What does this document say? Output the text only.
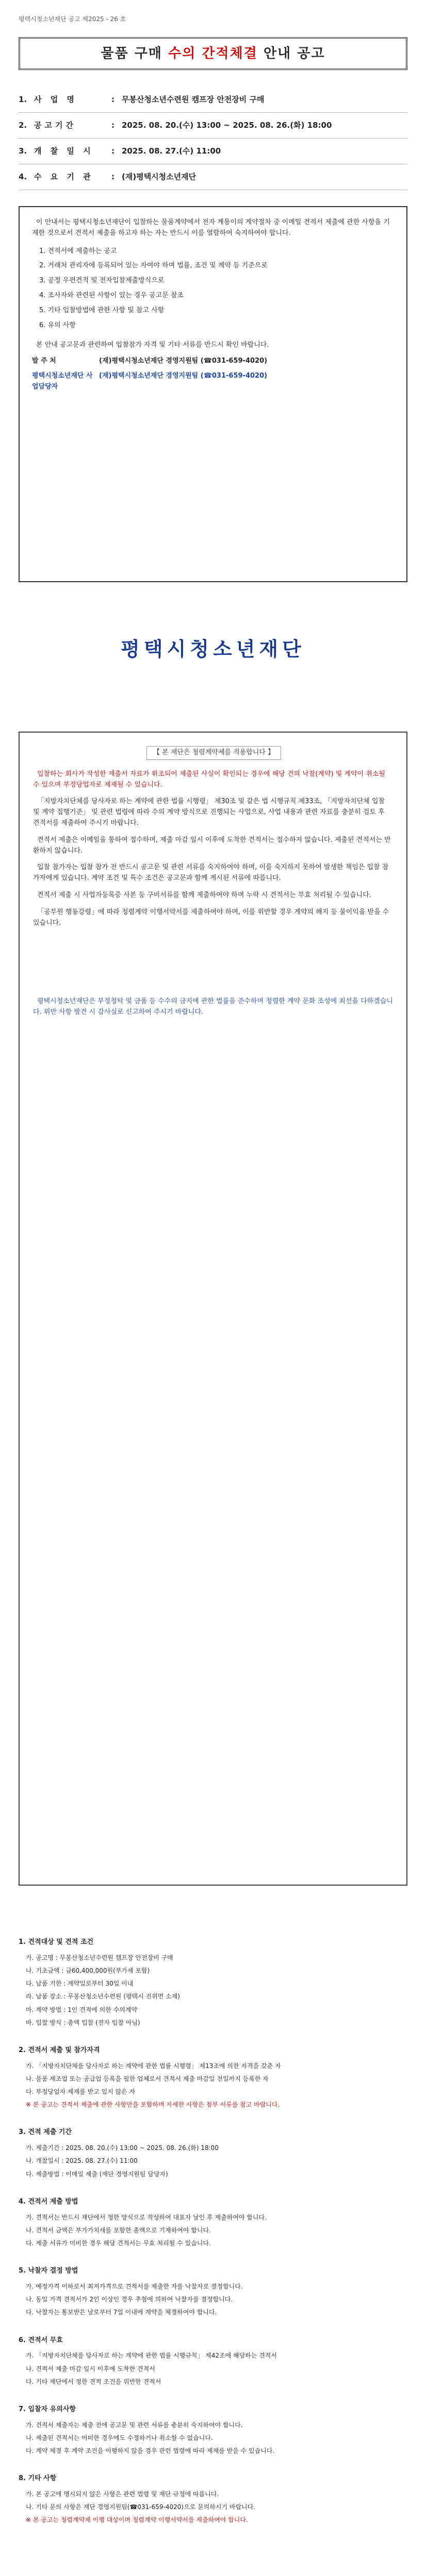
평택시청소년재단 공고 제2025 - 26 호
물품 구매 수의 간적체결 안내 공고
1.	사 업 명	:	무봉산청소년수련원 캠프장 안전장비 구매
2.	공고기간	:	2025. 08. 20.(수) 13:00 ~ 2025. 08. 26.(화) 18:00
3.	개 찰 일 시	:	2025. 08. 27.(수) 11:00
4.	수 요 기 관	:	(재)평택시청소년재단

이 안내서는 평택시청소년재단이 입찰하는 물품계약에서 전자 계통이의 계약절차 중 이메일 견적서 제출에 관한 사항을 기재한 것으로서 견적서 제출을 하고자 하는 자는 반드시 이를 열람하여 숙지하여야 합니다.

1. 견적서에 제출하는 공고
2. 거래처 관리자에 등록되어 있는 자여야 하며 법률, 조건 및 계약 등 기준으로
3. 공정 우편견적 및 전자입찰제출방식으로
4. 조사자와 관련된 사항이 있는 경우 공고문 참조
5. 기타 입찰방법에 관한 사항 및 참고 사항
6. 유의 사항

본 안내 공고문과 관련하여 입찰참가 자격 및 기타 서류를 반드시 확인 바랍니다.

발 주 처	(재)평택시청소년재단 경영지원팀 (☎031-659-4020)
평택시청소년재단 사업담당자
(재)평택시청소년재단 경영지원팀 (☎031-659-4020)
평택시청소년재단
【 본 재단은 청렴계약제를 적용합니다 】

입찰하는 회사가 작성한 제출서 자료가 위조되어 제출된 사실이 확인되는 경우에 해당 건의 낙찰(계약) 및 계약이 취소될 수 있으며 부정당업자로 제재될 수 있습니다.

「지방자치단체를 당사자로 하는 계약에 관한 법률 시행령」 제30조 및 같은 법 시행규칙 제33조, 「지방자치단체 입찰 및 계약 집행기준」 및 관련 법령에 따라 수의 계약 방식으로 진행되는 사업으로, 사업 내용과 관련 자료를 충분히 검토 후 견적서를 제출하여 주시기 바랍니다.

견적서 제출은 이메일을 통하여 접수하며, 제출 마감 일시 이후에 도착한 견적서는 접수하지 않습니다. 제출된 견적서는 반환하지 않습니다.

입찰 참가자는 입찰 참가 전 반드시 공고문 및 관련 서류를 숙지하여야 하며, 이를 숙지하지 못하여 발생한 책임은 입찰 참가자에게 있습니다. 계약 조건 및 특수 조건은 공고문과 함께 게시된 서류에 따릅니다.

견적서 제출 시 사업자등록증 사본 등 구비서류를 함께 제출하여야 하며 누락 시 견적서는 무효 처리될 수 있습니다.

「공무원 행동강령」에 따라 청렴계약 이행서약서를 제출하여야 하며, 이를 위반할 경우 계약의 해지 등 불이익을 받을 수 있습니다.

평택시청소년재단은 부정청탁 및 금품 등 수수의 금지에 관한 법률을 준수하며 청렴한 계약 문화 조성에 최선을 다하겠습니다. 위반 사항 발견 시 감사실로 신고하여 주시기 바랍니다.

1. 견적대상 및 견적 조건

가. 공고명 : 무봉산청소년수련원 캠프장 안전장비 구매

나. 기초금액 : 금60,400,000원(부가세 포함)

다. 납품 기한 : 계약일로부터 30일 이내

라. 납품 장소 : 무봉산청소년수련원 (평택시 진위면 소재)

마. 계약 방법 : 1인 견적에 의한 수의계약

바. 입찰 방식 : 총액 입찰 (전자 입찰 아님)

2. 견적서 제출 및 참가자격

가. 「지방자치단체를 당사자로 하는 계약에 관한 법률 시행령」 제13조에 의한 자격을 갖춘 자

나. 물품 제조업 또는 공급업 등록을 필한 업체로서 견적서 제출 마감일 전일까지 등록한 자

다. 부정당업자 제재를 받고 있지 않은 자

※ 본 공고는 견적서 제출에 관한 사항만을 포함하며 자세한 사항은 첨부 서류를 참고 바랍니다.

3. 견적 제출 기간

가. 제출기간 : 2025. 08. 20.(수) 13:00 ~ 2025. 08. 26.(화) 18:00

나. 개찰일시 : 2025. 08. 27.(수) 11:00

다. 제출방법 : 이메일 제출 (재단 경영지원팀 담당자)

4. 견적서 제출 방법

가. 견적서는 반드시 재단에서 정한 양식으로 작성하여 대표자 날인 후 제출하여야 합니다.

나. 견적서 금액은 부가가치세를 포함한 총액으로 기재하여야 합니다.

다. 제출 서류가 미비한 경우 해당 견적서는 무효 처리될 수 있습니다.

5. 낙찰자 결정 방법

가. 예정가격 이하로서 최저가격으로 견적서를 제출한 자를 낙찰자로 결정합니다.

나. 동일 가격 견적서가 2인 이상인 경우 추첨에 의하여 낙찰자를 결정합니다.

다. 낙찰자는 통보받은 날로부터 7일 이내에 계약을 체결하여야 합니다.

6. 견적서 무효

가. 「지방자치단체를 당사자로 하는 계약에 관한 법률 시행규칙」 제42조에 해당하는 견적서

나. 견적서 제출 마감 일시 이후에 도착한 견적서

다. 기타 재단에서 정한 견적 조건을 위반한 견적서

7. 입찰자 유의사항

가. 견적서 제출자는 제출 전에 공고문 및 관련 서류를 충분히 숙지하여야 합니다.

나. 제출된 견적서는 어떠한 경우에도 수정하거나 취소할 수 없습니다.

다. 계약 체결 후 계약 조건을 이행하지 않을 경우 관련 법령에 따라 제재를 받을 수 있습니다.

8. 기타 사항

가. 본 공고에 명시되지 않은 사항은 관련 법령 및 재단 규정에 따릅니다.

나. 기타 문의 사항은 재단 경영지원팀(☎031-659-4020)으로 문의하시기 바랍니다.

※ 본 공고는 청렴계약제 이행 대상이며 청렴계약 이행서약서를 제출하여야 합니다.
